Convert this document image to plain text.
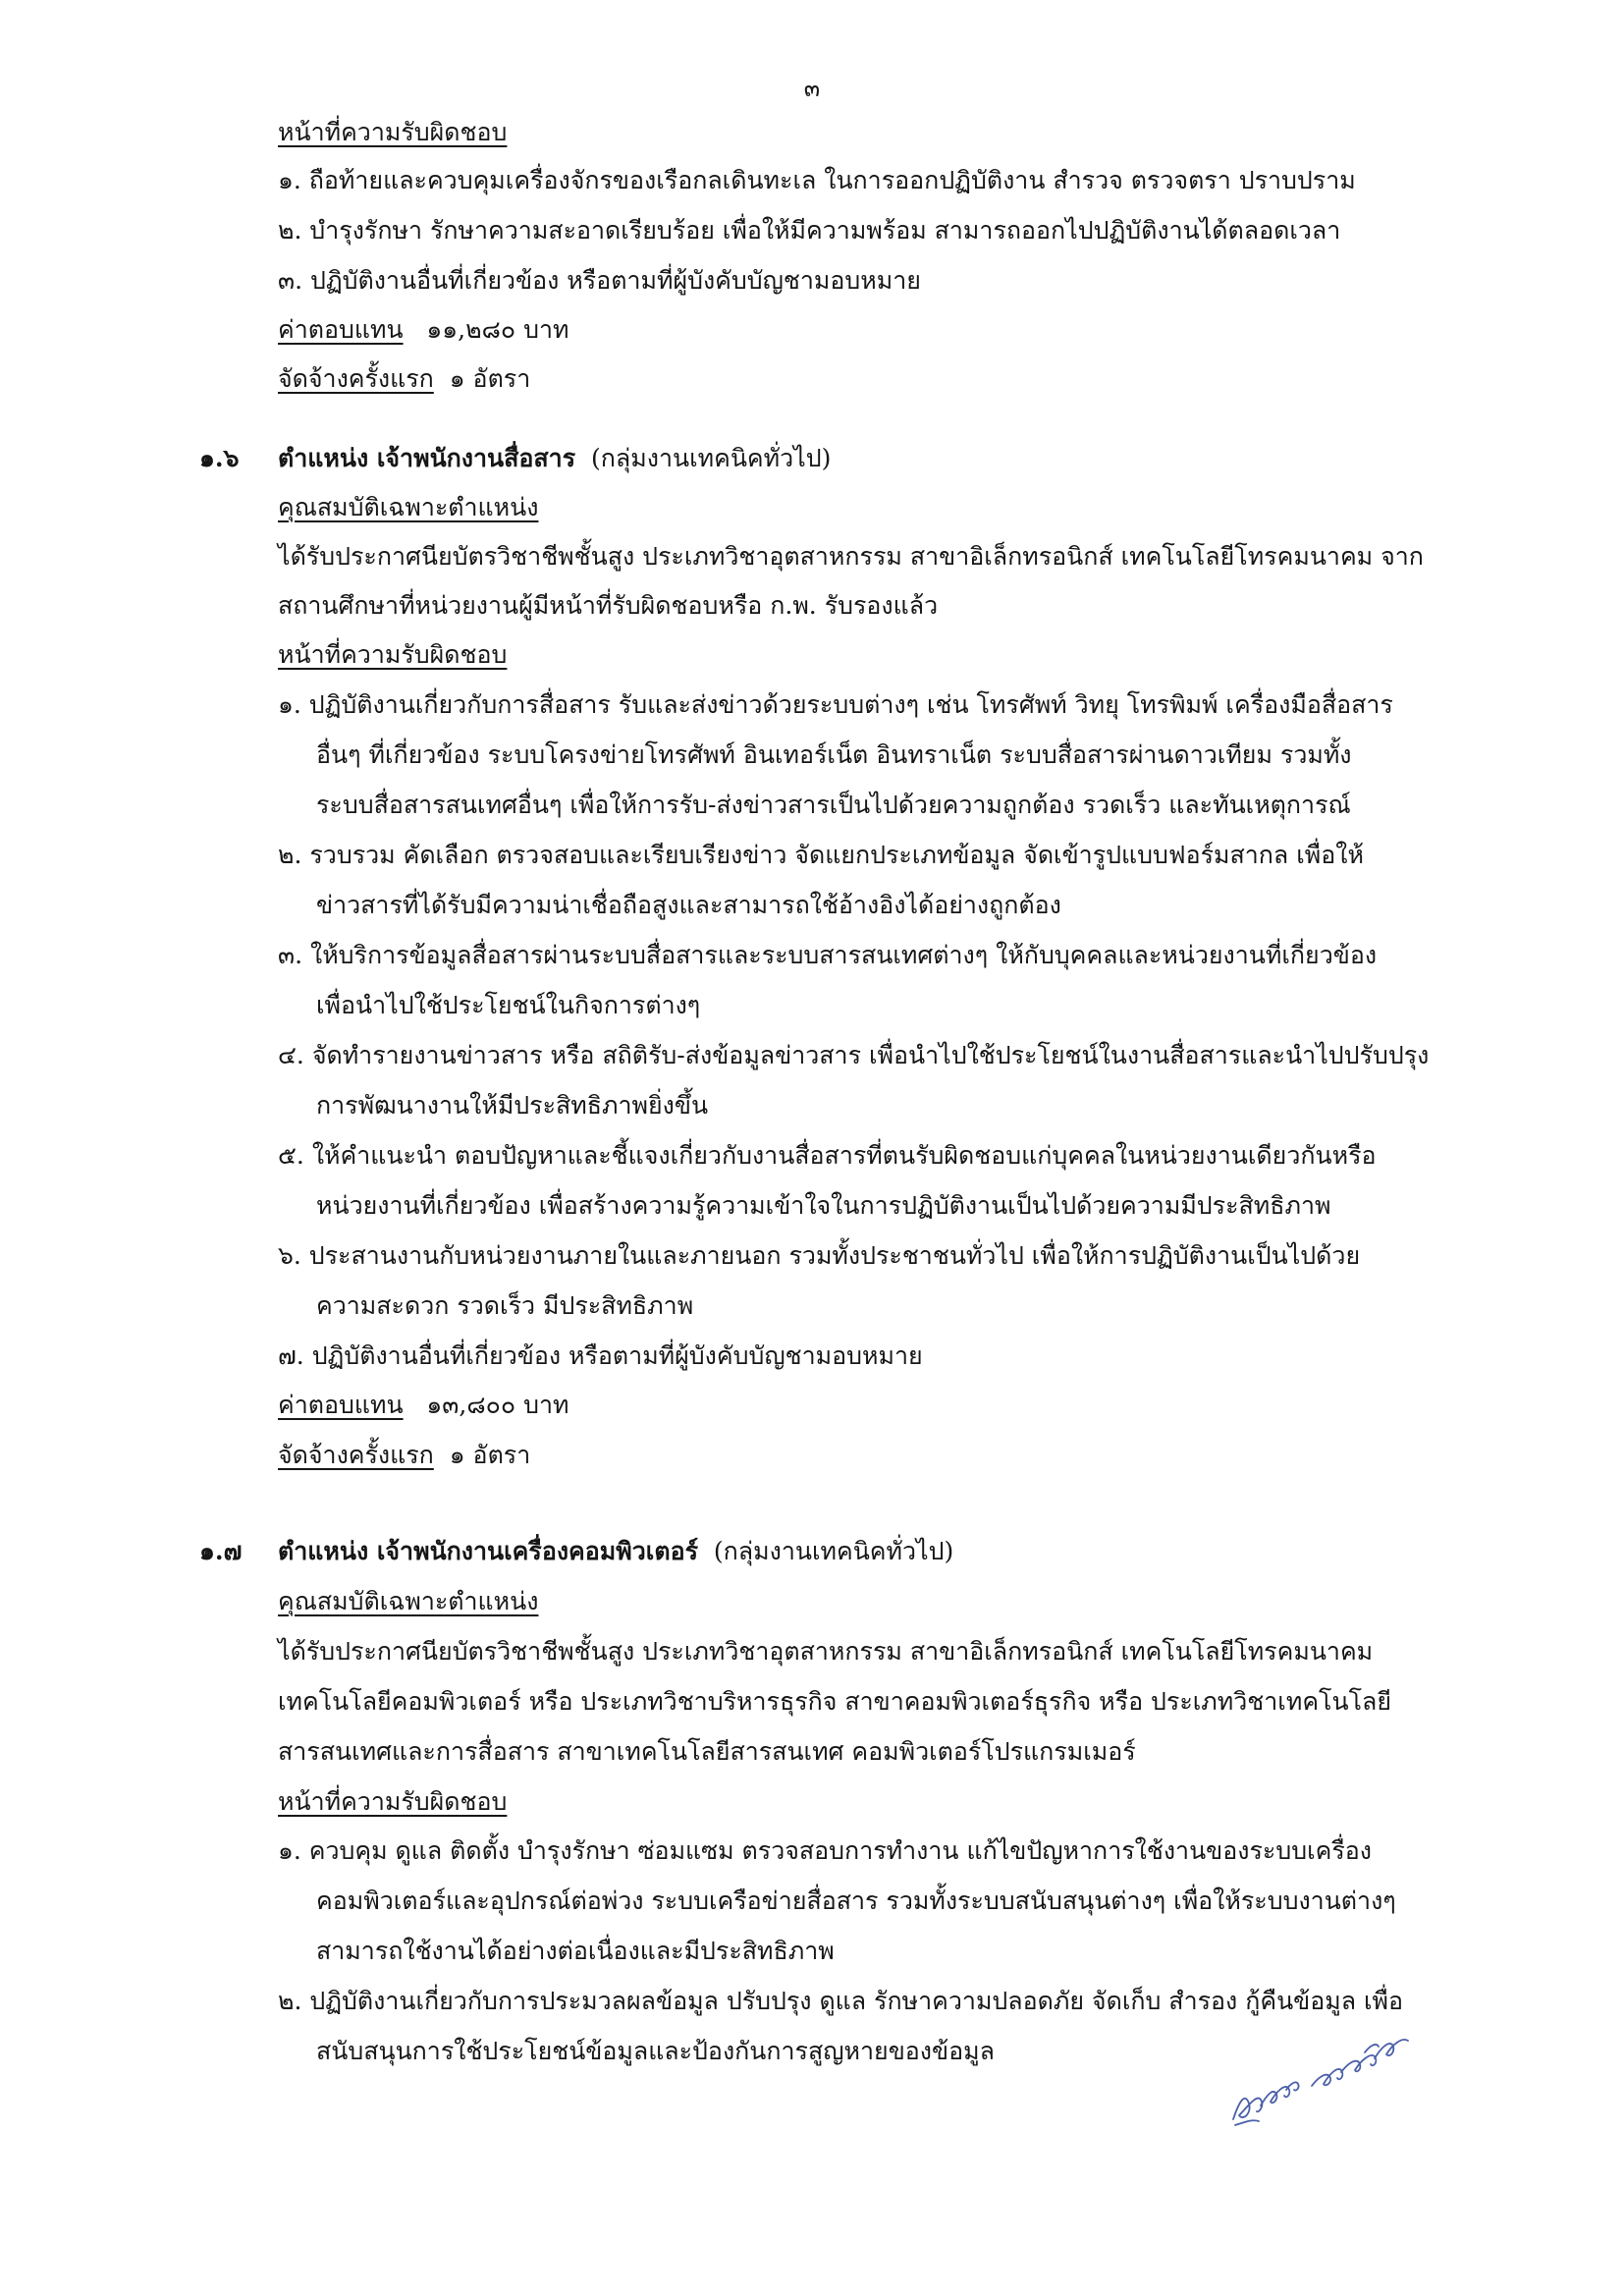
๓
หน้าที่ความรับผิดชอบ
๑. ถือท้ายและควบคุมเครื่องจักรของเรือกลเดินทะเล ในการออกปฏิบัติงาน สำรวจ ตรวจตรา ปราบปราม
๒. บำรุงรักษา รักษาความสะอาดเรียบร้อย เพื่อให้มีความพร้อม สามารถออกไปปฏิบัติงานได้ตลอดเวลา
๓. ปฏิบัติงานอื่นที่เกี่ยวข้อง หรือตามที่ผู้บังคับบัญชามอบหมาย
ค่าตอบแทน ๑๑,๒๘๐ บาท
จัดจ้างครั้งแรก ๑ อัตรา
๑.๖ ตำแหน่ง เจ้าพนักงานสื่อสาร (กลุ่มงานเทคนิคทั่วไป)
คุณสมบัติเฉพาะตำแหน่ง
ได้รับประกาศนียบัตรวิชาชีพชั้นสูง ประเภทวิชาอุตสาหกรรม สาขาอิเล็กทรอนิกส์ เทคโนโลยีโทรคมนาคม จาก
สถานศึกษาที่หน่วยงานผู้มีหน้าที่รับผิดชอบหรือ ก.พ. รับรองแล้ว
หน้าที่ความรับผิดชอบ
๑. ปฏิบัติงานเกี่ยวกับการสื่อสาร รับและส่งข่าวด้วยระบบต่างๆ เช่น โทรศัพท์ วิทยุ โทรพิมพ์ เครื่องมือสื่อสาร
อื่นๆ ที่เกี่ยวข้อง ระบบโครงข่ายโทรศัพท์ อินเทอร์เน็ต อินทราเน็ต ระบบสื่อสารผ่านดาวเทียม รวมทั้ง
ระบบสื่อสารสนเทศอื่นๆ เพื่อให้การรับ-ส่งข่าวสารเป็นไปด้วยความถูกต้อง รวดเร็ว และทันเหตุการณ์
๒. รวบรวม คัดเลือก ตรวจสอบและเรียบเรียงข่าว จัดแยกประเภทข้อมูล จัดเข้ารูปแบบฟอร์มสากล เพื่อให้
ข่าวสารที่ได้รับมีความน่าเชื่อถือสูงและสามารถใช้อ้างอิงได้อย่างถูกต้อง
๓. ให้บริการข้อมูลสื่อสารผ่านระบบสื่อสารและระบบสารสนเทศต่างๆ ให้กับบุคคลและหน่วยงานที่เกี่ยวข้อง
เพื่อนำไปใช้ประโยชน์ในกิจการต่างๆ
๔. จัดทำรายงานข่าวสาร หรือ สถิติรับ-ส่งข้อมูลข่าวสาร เพื่อนำไปใช้ประโยชน์ในงานสื่อสารและนำไปปรับปรุง
การพัฒนางานให้มีประสิทธิภาพยิ่งขึ้น
๕. ให้คำแนะนำ ตอบปัญหาและชี้แจงเกี่ยวกับงานสื่อสารที่ตนรับผิดชอบแก่บุคคลในหน่วยงานเดียวกันหรือ
หน่วยงานที่เกี่ยวข้อง เพื่อสร้างความรู้ความเข้าใจในการปฏิบัติงานเป็นไปด้วยความมีประสิทธิภาพ
๖. ประสานงานกับหน่วยงานภายในและภายนอก รวมทั้งประชาชนทั่วไป เพื่อให้การปฏิบัติงานเป็นไปด้วย
ความสะดวก รวดเร็ว มีประสิทธิภาพ
๗. ปฏิบัติงานอื่นที่เกี่ยวข้อง หรือตามที่ผู้บังคับบัญชามอบหมาย
ค่าตอบแทน ๑๓,๘๐๐ บาท
จัดจ้างครั้งแรก ๑ อัตรา
๑.๗ ตำแหน่ง เจ้าพนักงานเครื่องคอมพิวเตอร์ (กลุ่มงานเทคนิคทั่วไป)
คุณสมบัติเฉพาะตำแหน่ง
ได้รับประกาศนียบัตรวิชาชีพชั้นสูง ประเภทวิชาอุตสาหกรรม สาขาอิเล็กทรอนิกส์ เทคโนโลยีโทรคมนาคม
เทคโนโลยีคอมพิวเตอร์ หรือ ประเภทวิชาบริหารธุรกิจ สาขาคอมพิวเตอร์ธุรกิจ หรือ ประเภทวิชาเทคโนโลยี
สารสนเทศและการสื่อสาร สาขาเทคโนโลยีสารสนเทศ คอมพิวเตอร์โปรแกรมเมอร์
หน้าที่ความรับผิดชอบ
๑. ควบคุม ดูแล ติดตั้ง บำรุงรักษา ซ่อมแซม ตรวจสอบการทำงาน แก้ไขปัญหาการใช้งานของระบบเครื่อง
คอมพิวเตอร์และอุปกรณ์ต่อพ่วง ระบบเครือข่ายสื่อสาร รวมทั้งระบบสนับสนุนต่างๆ เพื่อให้ระบบงานต่างๆ
สามารถใช้งานได้อย่างต่อเนื่องและมีประสิทธิภาพ
๒. ปฏิบัติงานเกี่ยวกับการประมวลผลข้อมูล ปรับปรุง ดูแล รักษาความปลอดภัย จัดเก็บ สำรอง กู้คืนข้อมูล เพื่อ
สนับสนุนการใช้ประโยชน์ข้อมูลและป้องกันการสูญหายของข้อมูล
